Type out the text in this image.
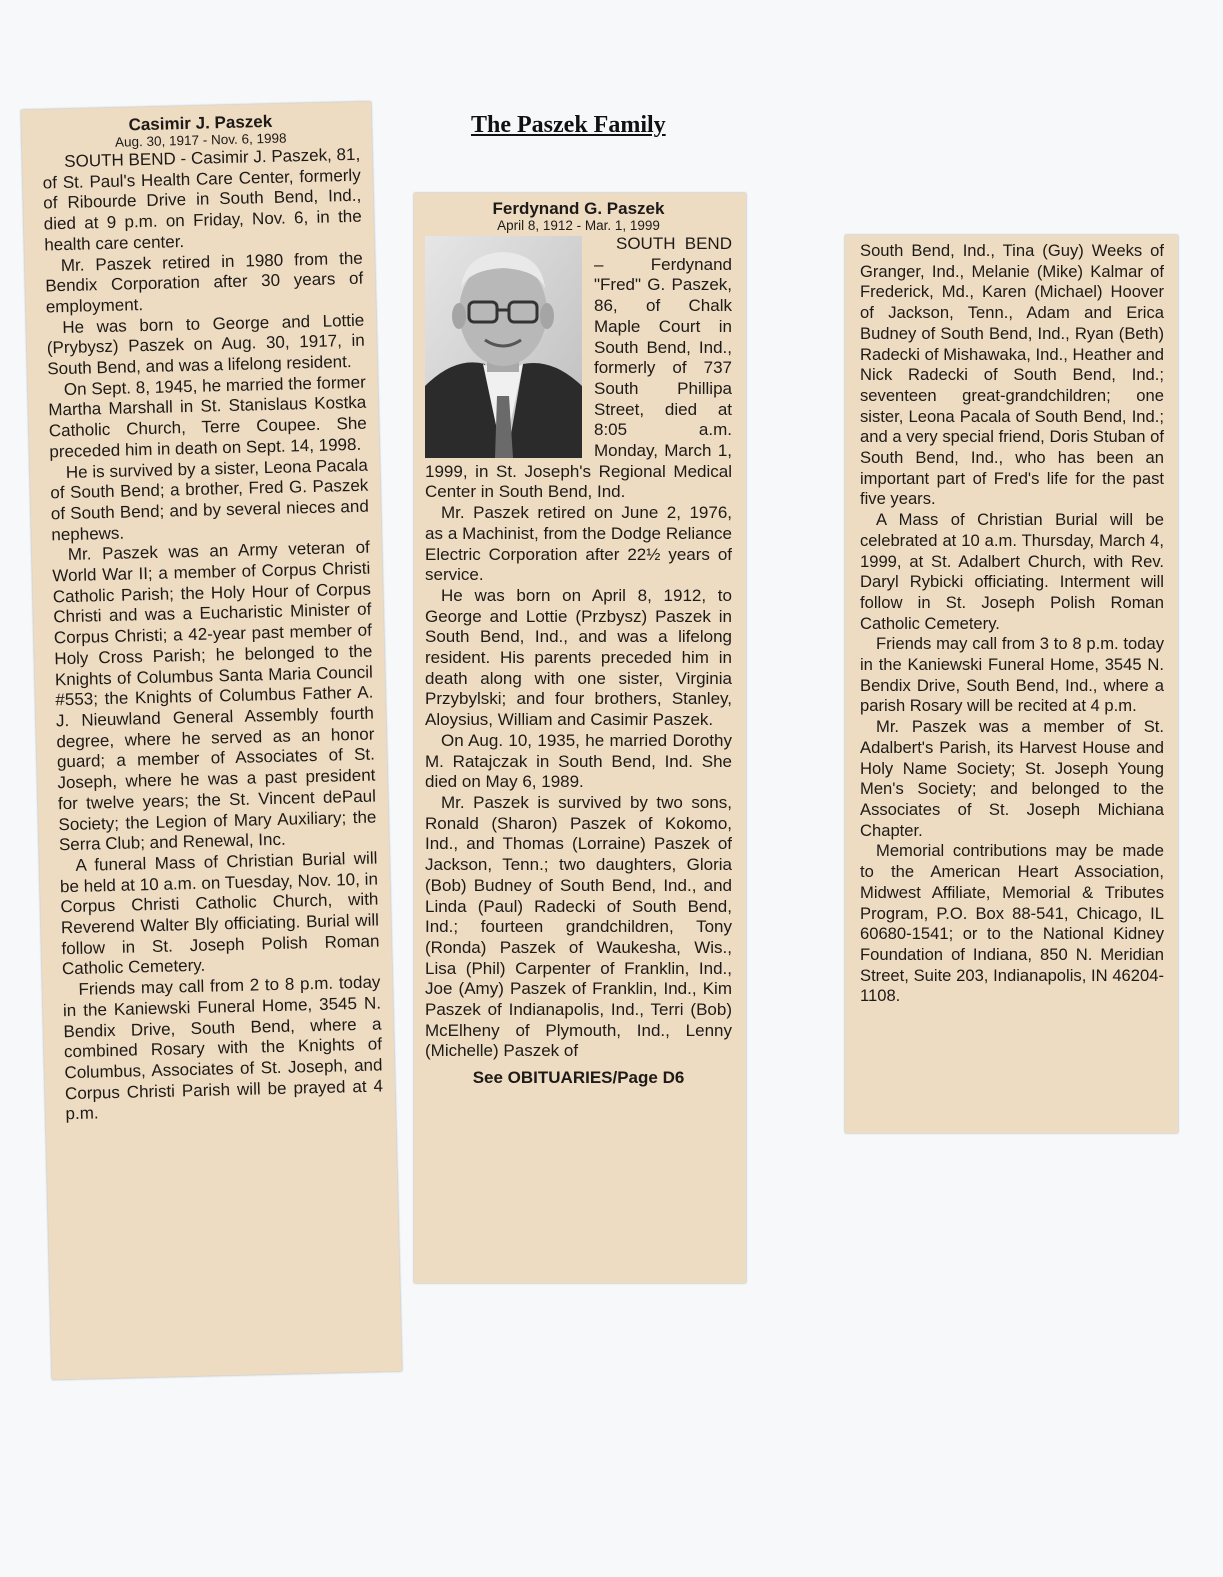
The Paszek Family
Casimir J. Paszek
Aug. 30, 1917 - Nov. 6, 1998

SOUTH BEND - Casimir J. Paszek, 81, of St. Paul's Health Care Center, formerly of Ribourde Drive in South Bend, Ind., died at 9 p.m. on Friday, Nov. 6, in the health care center.

Mr. Paszek retired in 1980 from the Bendix Corporation after 30 years of employment.

He was born to George and Lottie (Prybysz) Paszek on Aug. 30, 1917, in South Bend, and was a lifelong resident.

On Sept. 8, 1945, he married the former Martha Marshall in St. Stanislaus Kostka Catholic Church, Terre Coupee. She preceded him in death on Sept. 14, 1998.

He is survived by a sister, Leona Pacala of South Bend; a brother, Fred G. Paszek of South Bend; and by several nieces and nephews.

Mr. Paszek was an Army veteran of World War II; a member of Corpus Christi Catholic Parish; the Holy Hour of Corpus Christi and was a Eucharistic Minister of Corpus Christi; a 42-year past member of Holy Cross Parish; he belonged to the Knights of Columbus Santa Maria Council #553; the Knights of Columbus Father A. J. Nieuwland General Assembly fourth degree, where he served as an honor guard; a member of Associates of St. Joseph, where he was a past president for twelve years; the St. Vincent dePaul Society; the Legion of Mary Auxiliary; the Serra Club; and Renewal, Inc.

A funeral Mass of Christian Burial will be held at 10 a.m. on Tuesday, Nov. 10, in Corpus Christi Catholic Church, with Reverend Walter Bly officiating. Burial will follow in St. Joseph Polish Roman Catholic Cemetery.

Friends may call from 2 to 8 p.m. today in the Kaniewski Funeral Home, 3545 N. Bendix Drive, South Bend, where a combined Rosary with the Knights of Columbus, Associates of St. Joseph, and Corpus Christi Parish will be prayed at 4 p.m.

Ferdynand G. Paszek
April 8, 1912 - Mar. 1, 1999

SOUTH BEND – Ferdynand "Fred" G. Paszek, 86, of Chalk Maple Court in South Bend, Ind., formerly of 737 South Phillipa Street, died at 8:05 a.m. Monday, March 1, 1999, in St. Joseph's Regional Medical Center in South Bend, Ind.

Mr. Paszek retired on June 2, 1976, as a Machinist, from the Dodge Reliance Electric Corporation after 22½ years of service.

He was born on April 8, 1912, to George and Lottie (Przbysz) Paszek in South Bend, Ind., and was a lifelong resident. His parents preceded him in death along with one sister, Virginia Przybylski; and four brothers, Stanley, Aloysius, William and Casimir Paszek.

On Aug. 10, 1935, he married Dorothy M. Ratajczak in South Bend, Ind. She died on May 6, 1989.

Mr. Paszek is survived by two sons, Ronald (Sharon) Paszek of Kokomo, Ind., and Thomas (Lorraine) Paszek of Jackson, Tenn.; two daughters, Gloria (Bob) Budney of South Bend, Ind., and Linda (Paul) Radecki of South Bend, Ind.; fourteen grandchildren, Tony (Ronda) Paszek of Waukesha, Wis., Lisa (Phil) Carpenter of Franklin, Ind., Joe (Amy) Paszek of Franklin, Ind., Kim Paszek of Indianapolis, Ind., Terri (Bob) McElheny of Plymouth, Ind., Lenny (Michelle) Paszek of

See OBITUARIES/Page D6

South Bend, Ind., Tina (Guy) Weeks of Granger, Ind., Melanie (Mike) Kalmar of Frederick, Md., Karen (Michael) Hoover of Jackson, Tenn., Adam and Erica Budney of South Bend, Ind., Ryan (Beth) Radecki of Mishawaka, Ind., Heather and Nick Radecki of South Bend, Ind.; seventeen great-grandchildren; one sister, Leona Pacala of South Bend, Ind.; and a very special friend, Doris Stuban of South Bend, Ind., who has been an important part of Fred's life for the past five years.

A Mass of Christian Burial will be celebrated at 10 a.m. Thursday, March 4, 1999, at St. Adalbert Church, with Rev. Daryl Rybicki officiating. Interment will follow in St. Joseph Polish Roman Catholic Cemetery.

Friends may call from 3 to 8 p.m. today in the Kaniewski Funeral Home, 3545 N. Bendix Drive, South Bend, Ind., where a parish Rosary will be recited at 4 p.m.

Mr. Paszek was a member of St. Adalbert's Parish, its Harvest House and Holy Name Society; St. Joseph Young Men's Society; and belonged to the Associates of St. Joseph Michiana Chapter.

Memorial contributions may be made to the American Heart Association, Midwest Affiliate, Memorial & Tributes Program, P.O. Box 88-541, Chicago, IL 60680-1541; or to the National Kidney Foundation of Indiana, 850 N. Meridian Street, Suite 203, Indianapolis, IN 46204-1108.
